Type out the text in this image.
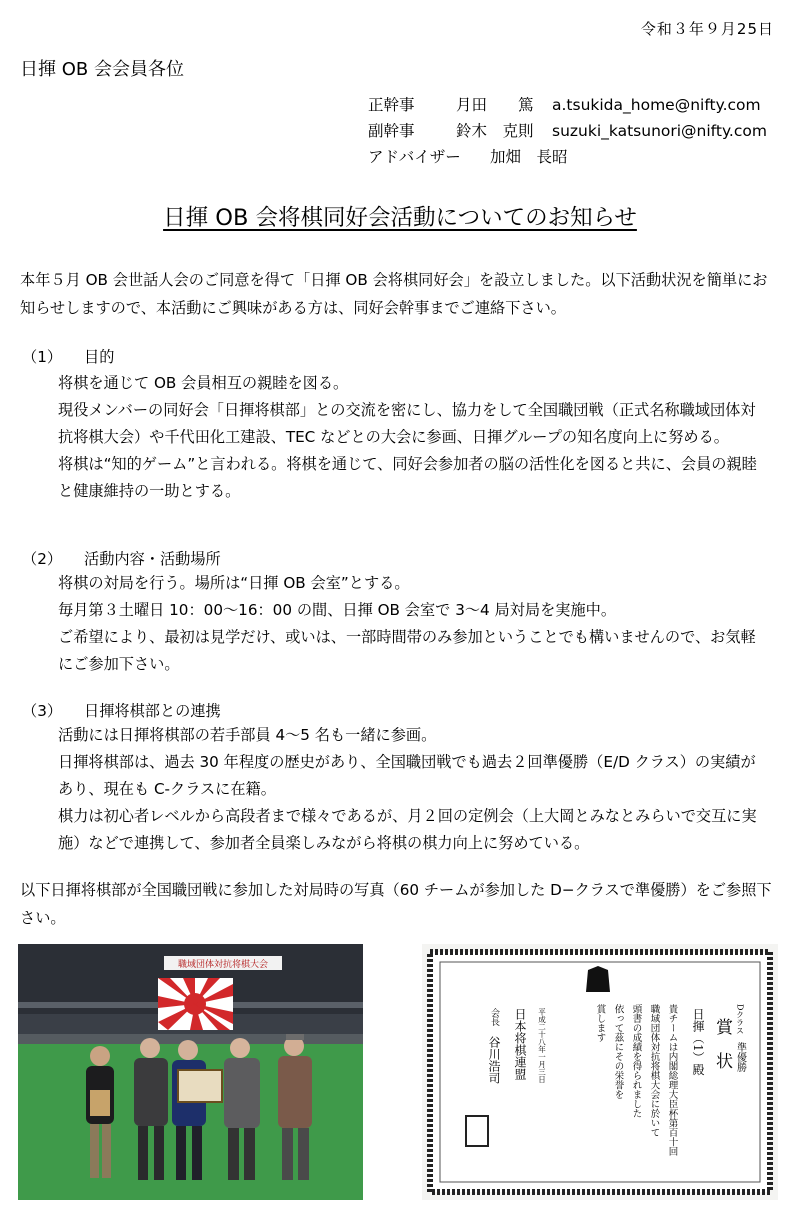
令和３年９月25日
日揮 OB 会会員各位
正幹事	月田　　篤	a.tsukida_home@nifty.com
副幹事	鈴木　克則	suzuki_katsunori@nifty.com
アドバイザー	加畑　長昭
日揮 OB 会将棋同好会活動についてのお知らせ
本年５月 OB 会世話人会のご同意を得て「日揮 OB 会将棋同好会」を設立しました。以下活動状況を簡単にお知らせしますので、本活動にご興味がある方は、同好会幹事までご連絡下さい。
（1）	目的

将棋を通じて OB 会員相互の親睦を図る。

現役メンバーの同好会「日揮将棋部」との交流を密にし、協力をして全国職団戦（正式名称職域団体対抗将棋大会）や千代田化工建設、TEC などとの大会に参画、日揮グループの知名度向上に努める。

将棋は“知的ゲーム”と言われる。将棋を通じて、同好会参加者の脳の活性化を図ると共に、会員の親睦と健康維持の一助とする。

（2）	活動内容・活動場所

将棋の対局を行う。場所は“日揮 OB 会室”とする。

毎月第３土曜日 10：00～16：00 の間、日揮 OB 会室で 3～4 局対局を実施中。

ご希望により、最初は見学だけ、或いは、一部時間帯のみ参加ということでも構いませんので、お気軽にご参加下さい。

（3）	日揮将棋部との連携

活動には日揮将棋部の若手部員 4～5 名も一緒に参画。

日揮将棋部は、過去 30 年程度の歴史があり、全国職団戦でも過去２回準優勝（E/D クラス）の実績があり、現在も C-クラスに在籍。

棋力は初心者レベルから高段者まで様々であるが、月２回の定例会（上大岡とみなとみらいで交互に実施）などで連携して、参加者全員楽しみながら将棋の棋力向上に努めている。

以下日揮将棋部が全国職団戦に参加した対局時の写真（60 チームが参加した D−クラスで準優勝）をご参照下さい。
職域団体対抗将棋大会
賞　状 Dクラス
準優勝
日揮（1）殿
貴チームは内閣総理大臣杯第百十回
職域団体対抗将棋大会に於いて
頭書の成績を得られました
依って茲にその栄誉を
賞します
平成二十八年一月三日
日本将棋連盟
会長
谷川浩司
